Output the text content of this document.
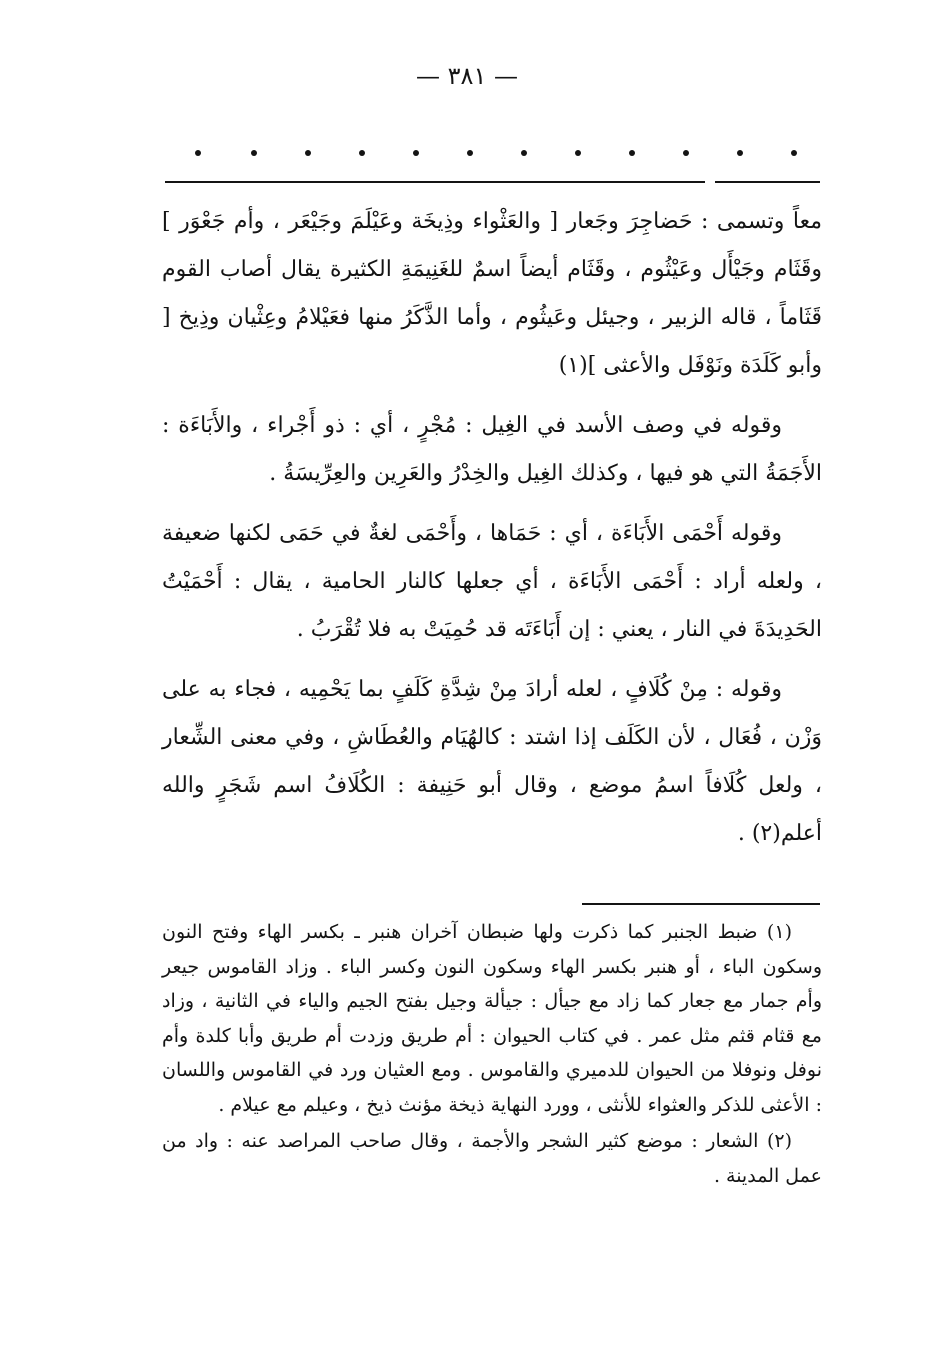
— ٣٨١ —

معاً وتسمى : حَضاجِرَ وجَعار [ والعَثْواء وذِيخَة وعَيْلَمَ وجَيْعَر ، وأم جَعْوَر ] وقَثَام وجَيْأَل وعَيْثُوم ، وقَثَام أيضاً اسمٌ للغَنِيمَةِ الكثيرة يقال أصاب القوم قَثَاماً ، قاله الزبير ، وجيئل وعَيثُوم ، وأما الذَّكَرُ منها فعَيْلامُ وعِثْيان وذِيخ [ وأبو كَلَدَة ونَوْفَل والأعثى ](١)

وقوله في وصف الأسد في الغِيل : مُجْرٍ ، أي : ذو أَجْراء ، والأَبَاءَة : الأَجَمَةُ التي هو فيها ، وكذلك الغِيل والخِدْرُ والعَرِين والعِرِّيسَةُ .

وقوله أَحْمَى الأَبَاءَة ، أي : حَمَاها ، وأَحْمَى لغةٌ في حَمَى لكنها ضعيفة ، ولعله أراد : أَحْمَى الأَبَاءَة ، أي جعلها كالنار الحامية ، يقال : أَحْمَيْتُ الحَدِيدَةَ في النار ، يعني : إن أَبَاءَتَه قد حُمِيَتْ به فلا تُقْرَبُ .

وقوله : مِنْ كُلَافٍ ، لعله أرادَ مِنْ شِدَّةِ كَلَفٍ بما يَحْمِيه ، فجاء به على وَزْن ، فُعَال ، لأن الكَلَف إذا اشتد : كالهُيَام والعُطَاشِ ، وفي معنى الشِّعار ، ولعل كُلَافاً اسمُ موضع ، وقال أبو حَنِيفة : الكُلَافُ اسم شَجَرٍ والله أعلم(٢) .

(١) ضبط الجنبر كما ذكرت ولها ضبطان آخران هنبر ـ بكسر الهاء وفتح النون وسكون الباء ، أو هنبر بكسر الهاء وسكون النون وكسر الباء . وزاد القاموس جيعر وأم جمار مع جعار كما زاد مع جيأل : جيألة وجيل بفتح الجيم والياء في الثانية ، وزاد مع قثام قثم مثل عمر . في كتاب الحيوان : أم طريق وزدت أم طريق وأبا كلدة وأم نوفل ونوفلا من الحيوان للدميري والقاموس . ومع العثيان ورد في القاموس واللسان : الأعثى للذكر والعثواء للأنثى ، وورد النهاية ذيخة مؤنث ذيخ ، وعيلم مع عيلام .

(٢) الشعار : موضع كثير الشجر والأجمة ، وقال صاحب المراصد عنه : واد من عمل المدينة .
